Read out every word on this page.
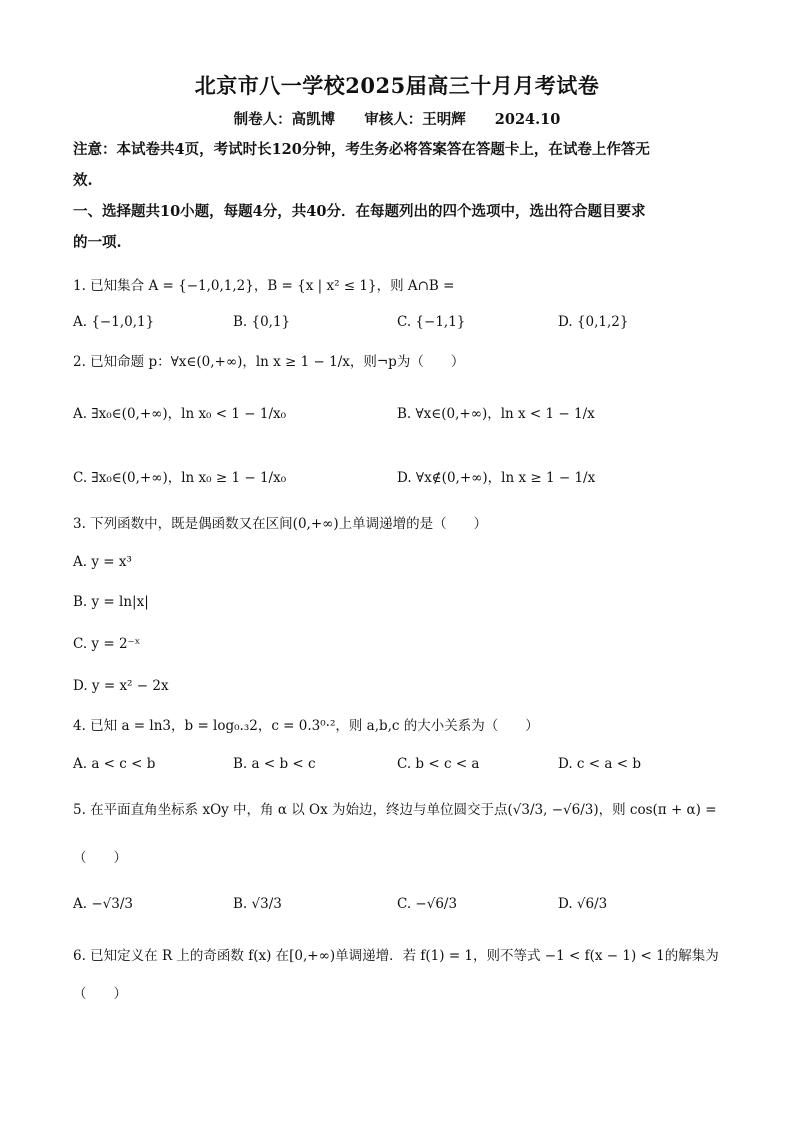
北京市八一学校2025届高三十月月考试卷
制卷人：高凯博 审核人：王明辉 2024.10
注意：本试卷共4页，考试时长120分钟，考生务必将答案答在答题卡上，在试卷上作答无
效.
一、选择题共10小题，每题4分，共40分．在每题列出的四个选项中，选出符合题目要求
的一项.
1. 已知集合 A = {−1,0,1,2}，B = {x | x² ≤ 1}，则 A∩B =
A. {−1,0,1}	B. {0,1}	C. {−1,1}	D. {0,1,2}
2. 已知命题 p：∀x∈(0,+∞)，ln x ≥ 1 − 1/x，则¬p为（　　）
A. ∃x₀∈(0,+∞)，ln x₀ < 1 − 1/x₀	B. ∀x∈(0,+∞)，ln x < 1 − 1/x
C. ∃x₀∈(0,+∞)，ln x₀ ≥ 1 − 1/x₀	D. ∀x∉(0,+∞)，ln x ≥ 1 − 1/x
3. 下列函数中，既是偶函数又在区间(0,+∞)上单调递增的是（　　）
A. y = x³
B. y = ln|x|
C. y = 2⁻ˣ
D. y = x² − 2x
4. 已知 a = ln3，b = log₀.₃2，c = 0.3⁰·²，则 a,b,c 的大小关系为（　　）
A. a < c < b	B. a < b < c	C. b < c < a	D. c < a < b
5. 在平面直角坐标系 xOy 中，角 α 以 Ox 为始边，终边与单位圆交于点(√3/3, −√6/3)，则 cos(π + α) =
（　　）
A. −√3/3	B. √3/3	C. −√6/3	D. √6/3
6. 已知定义在 R 上的奇函数 f(x) 在[0,+∞)单调递增．若 f(1) = 1，则不等式 −1 < f(x − 1) < 1的解集为
（　　）
